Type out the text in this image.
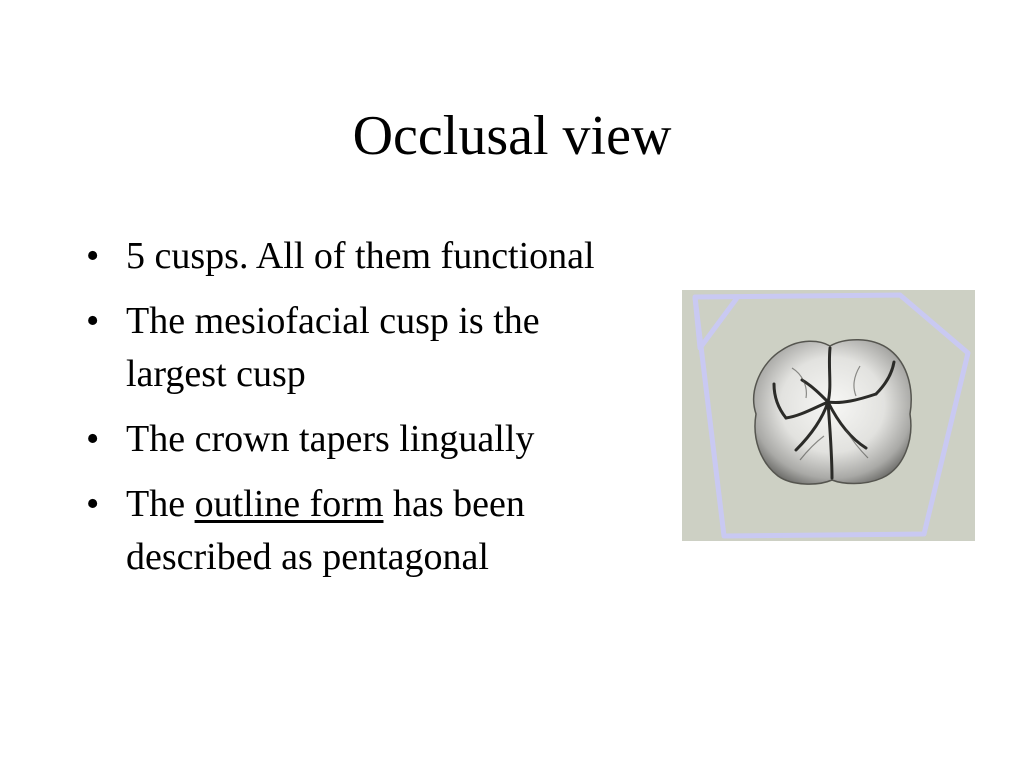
Occlusal view
• 5 cusps. All of them functional
• The mesiofacial cusp is the largest cusp
• The crown tapers lingually
• The outline form has been described as pentagonal
